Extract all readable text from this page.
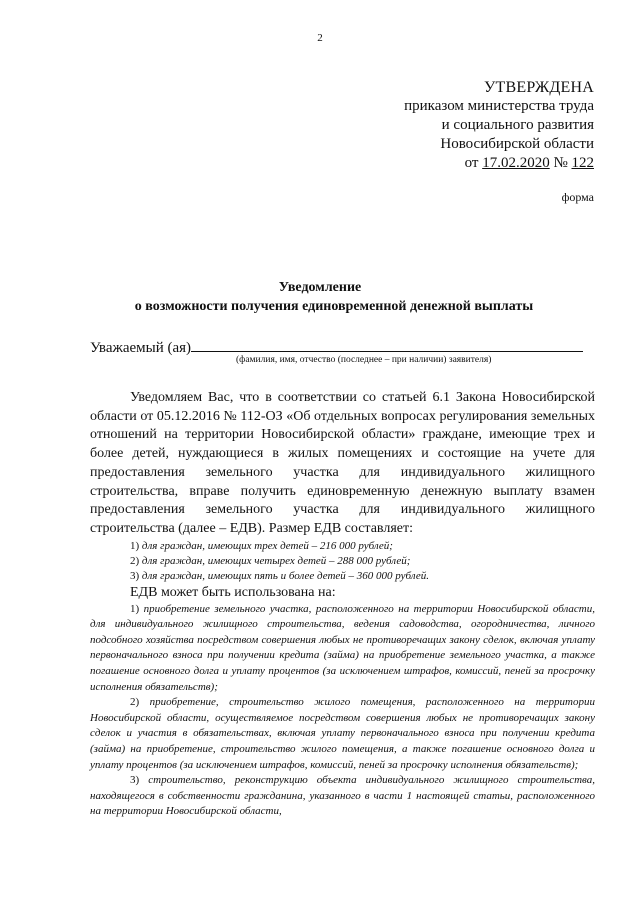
2
УТВЕРЖДЕНА
приказом министерства труда
и социального развития
Новосибирской области
от 17.02.2020 № 122
форма
Уведомление
о возможности получения единовременной денежной выплаты
Уважаемый (ая)
(фамилия, имя, отчество (последнее – при наличии) заявителя)

Уведомляем Вас, что в соответствии со статьей 6.1 Закона Новосибирской области от 05.12.2016 № 112-ОЗ «Об отдельных вопросах регулирования земельных отношений на территории Новосибирской области» граждане, имеющие трех и более детей, нуждающиеся в жилых помещениях и состоящие на учете для предоставления земельного участка для индивидуального жилищного строительства, вправе получить единовременную денежную выплату взамен предоставления земельного участка для индивидуального жилищного строительства (далее – ЕДВ). Размер ЕДВ составляет:

1) для граждан, имеющих трех детей – 216 000 рублей;

2) для граждан, имеющих четырех детей – 288 000 рублей;

3) для граждан, имеющих пять и более детей – 360 000 рублей.

ЕДВ может быть использована на:

1) приобретение земельного участка, расположенного на территории Новосибирской области, для индивидуального жилищного строительства, ведения садоводства, огородничества, личного подсобного хозяйства посредством совершения любых не противоречащих закону сделок, включая уплату первоначального взноса при получении кредита (займа) на приобретение земельного участка, а также погашение основного долга и уплату процентов (за исключением штрафов, комиссий, пеней за просрочку исполнения обязательств);

2) приобретение, строительство жилого помещения, расположенного на территории Новосибирской области, осуществляемое посредством совершения любых не противоречащих закону сделок и участия в обязательствах, включая уплату первоначального взноса при получении кредита (займа) на приобретение, строительство жилого помещения, а также погашение основного долга и уплату процентов (за исключением штрафов, комиссий, пеней за просрочку исполнения обязательств);

3) строительство, реконструкцию объекта индивидуального жилищного строительства, находящегося в собственности гражданина, указанного в части 1 настоящей статьи, расположенного на территории Новосибирской области,
